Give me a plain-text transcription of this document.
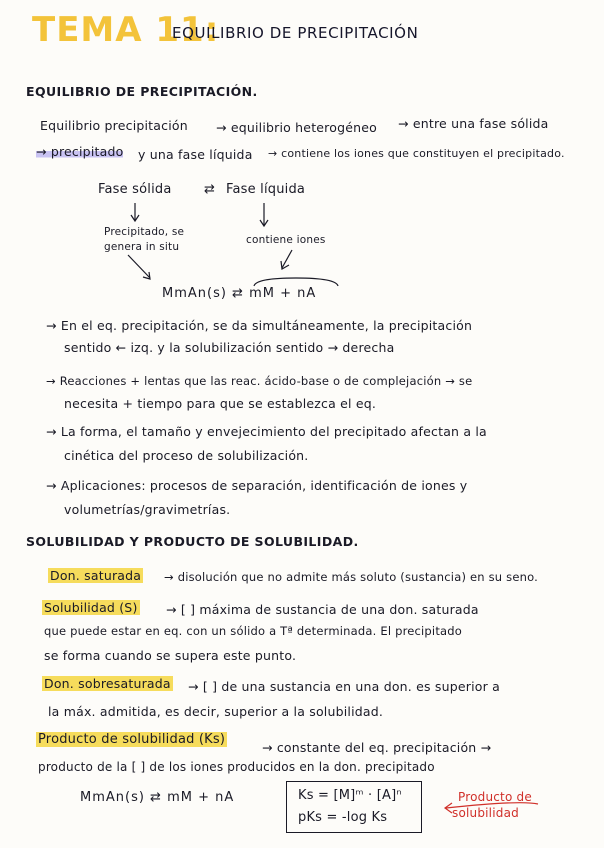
TEMA 11:
EQUILIBRIO DE PRECIPITACIÓN
EQUILIBRIO DE PRECIPITACIÓN.
Equilibrio precipitación → equilibrio heterogéneo → entre una fase sólida
→ precipitado y una fase líquida → contiene los iones que constituyen el precipitado.
Fase sólida ⇄ Fase líquida
Precipitado, se
genera in situ
contiene iones
MmAn(s) ⇄ mM + nA
→ En el eq. precipitación, se da simultáneamente, la precipitación
sentido ← izq. y la solubilización sentido → derecha
→ Reacciones + lentas que las reac. ácido-base o de complejación → se
necesita + tiempo para que se establezca el eq.
→ La forma, el tamaño y envejecimiento del precipitado afectan a la
cinética del proceso de solubilización.
→ Aplicaciones: procesos de separación, identificación de iones y
volumetrías/gravimetrías.
SOLUBILIDAD Y PRODUCTO DE SOLUBILIDAD.
Don. saturada → disolución que no admite más soluto (sustancia) en su seno.
Solubilidad (S) → [ ] máxima de sustancia de una don. saturada
que puede estar en eq. con un sólido a Tª determinada. El precipitado
se forma cuando se supera este punto.
Don. sobresaturada → [ ] de una sustancia en una don. es superior a
la máx. admitida, es decir, superior a la solubilidad.
Producto de solubilidad (Ks)
→ constante del eq. precipitación →
producto de la [ ] de los iones producidos en la don. precipitado
MmAn(s) ⇄ mM + nA	Ks = [M]ᵐ · [A]ⁿ
pKs = -log Ks
Producto de
solubilidad
